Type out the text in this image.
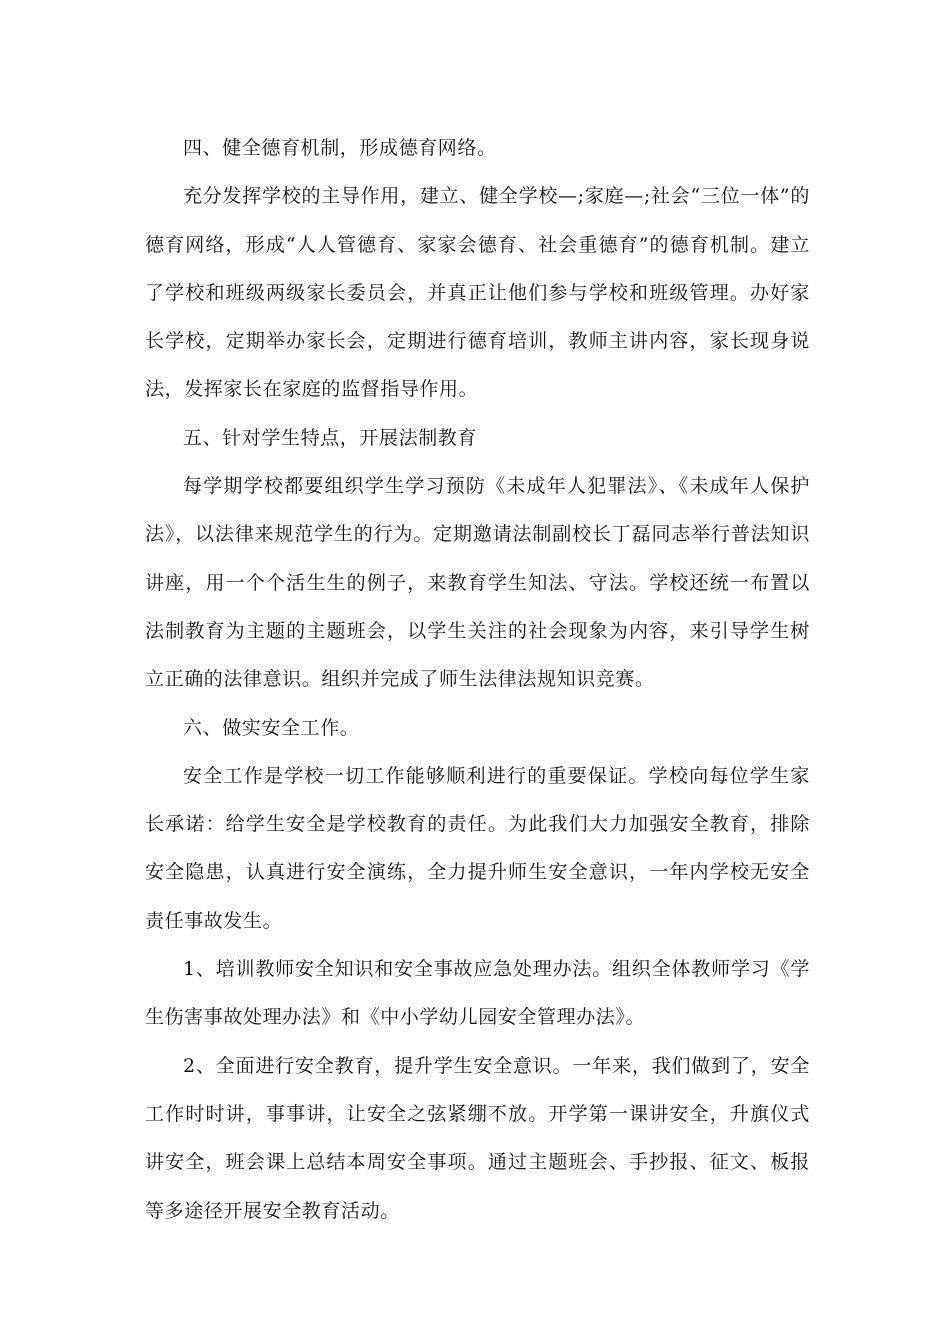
四、健全德育机制，形成德育网络。

充分发挥学校的主导作用，建立、健全学校—;家庭—;社会“三位一体”的德育网络，形成“人人管德育、家家会德育、社会重德育”的德育机制。建立了学校和班级两级家长委员会，并真正让他们参与学校和班级管理。办好家长学校，定期举办家长会，定期进行德育培训，教师主讲内容，家长现身说法，发挥家长在家庭的监督指导作用。

五、针对学生特点，开展法制教育

每学期学校都要组织学生学习预防《未成年人犯罪法》、《未成年人保护法》，以法律来规范学生的行为。定期邀请法制副校长丁磊同志举行普法知识讲座，用一个个活生生的例子，来教育学生知法、守法。学校还统一布置以法制教育为主题的主题班会，以学生关注的社会现象为内容，来引导学生树立正确的法律意识。组织并完成了师生法律法规知识竞赛。

六、做实安全工作。

安全工作是学校一切工作能够顺利进行的重要保证。学校向每位学生家长承诺：给学生安全是学校教育的责任。为此我们大力加强安全教育，排除安全隐患，认真进行安全演练，全力提升师生安全意识，一年内学校无安全责任事故发生。

1、培训教师安全知识和安全事故应急处理办法。组织全体教师学习《学生伤害事故处理办法》和《中小学幼儿园安全管理办法》。

2、全面进行安全教育，提升学生安全意识。一年来，我们做到了，安全工作时时讲，事事讲，让安全之弦紧绷不放。开学第一课讲安全，升旗仪式讲安全，班会课上总结本周安全事项。通过主题班会、手抄报、征文、板报等多途径开展安全教育活动。
